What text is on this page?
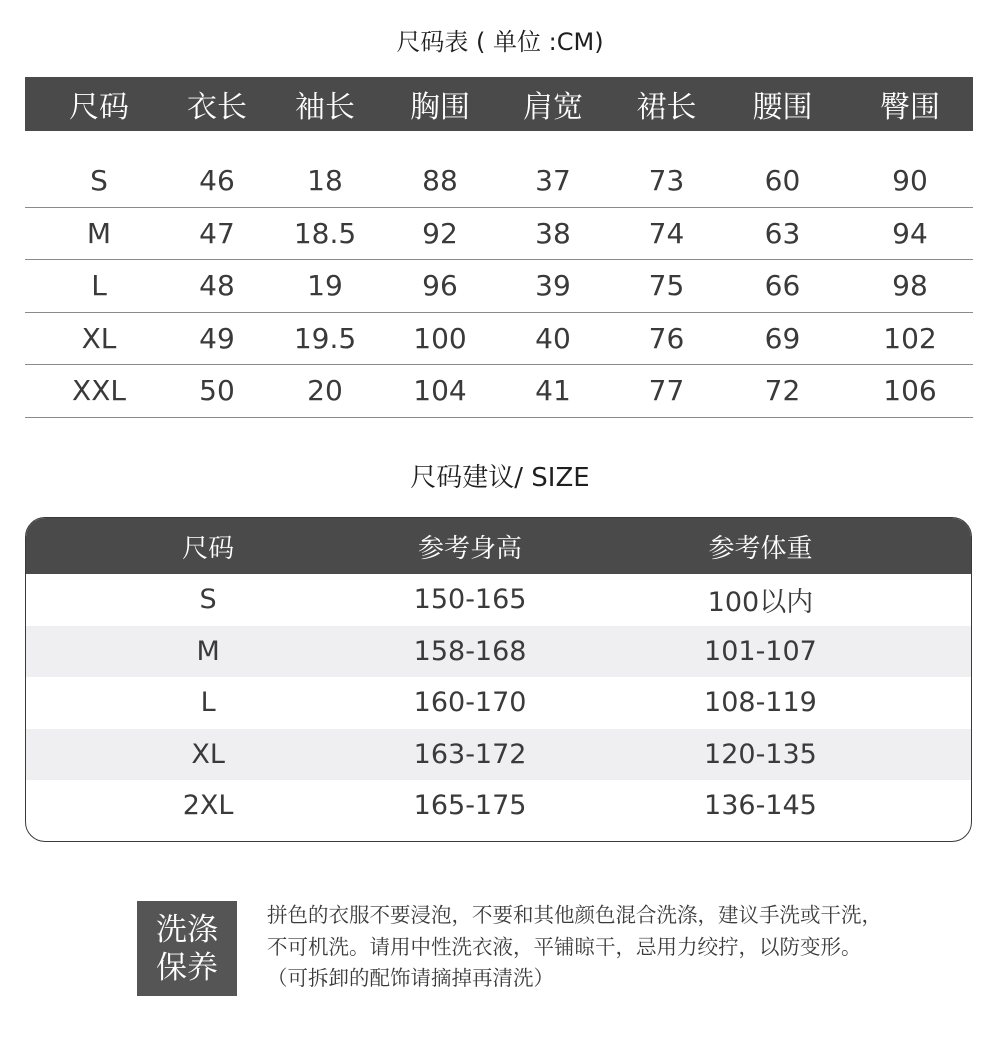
尺码表 ( 单位 :CM)
尺码	衣长	袖长	胸围	肩宽	裙长	腰围	臀围
S	46	18	88	37	73	60	90
M	47	18.5	92	38	74	63	94
L	48	19	96	39	75	66	98
XL	49	19.5	100	40	76	69	102
XXL	50	20	104	41	77	72	106
尺码建议/ SIZE
尺码	参考身高	参考体重
S	150-165	100以内
M	158-168	101-107
L	160-170	108-119
XL	163-172	120-135
2XL	165-175	136-145
洗涤
保养
拼色的衣服不要浸泡，不要和其他颜色混合洗涤，建议手洗或干洗，不可机洗。请用中性洗衣液，平铺晾干，忌用力绞拧，以防变形。（可拆卸的配饰请摘掉再清洗）
